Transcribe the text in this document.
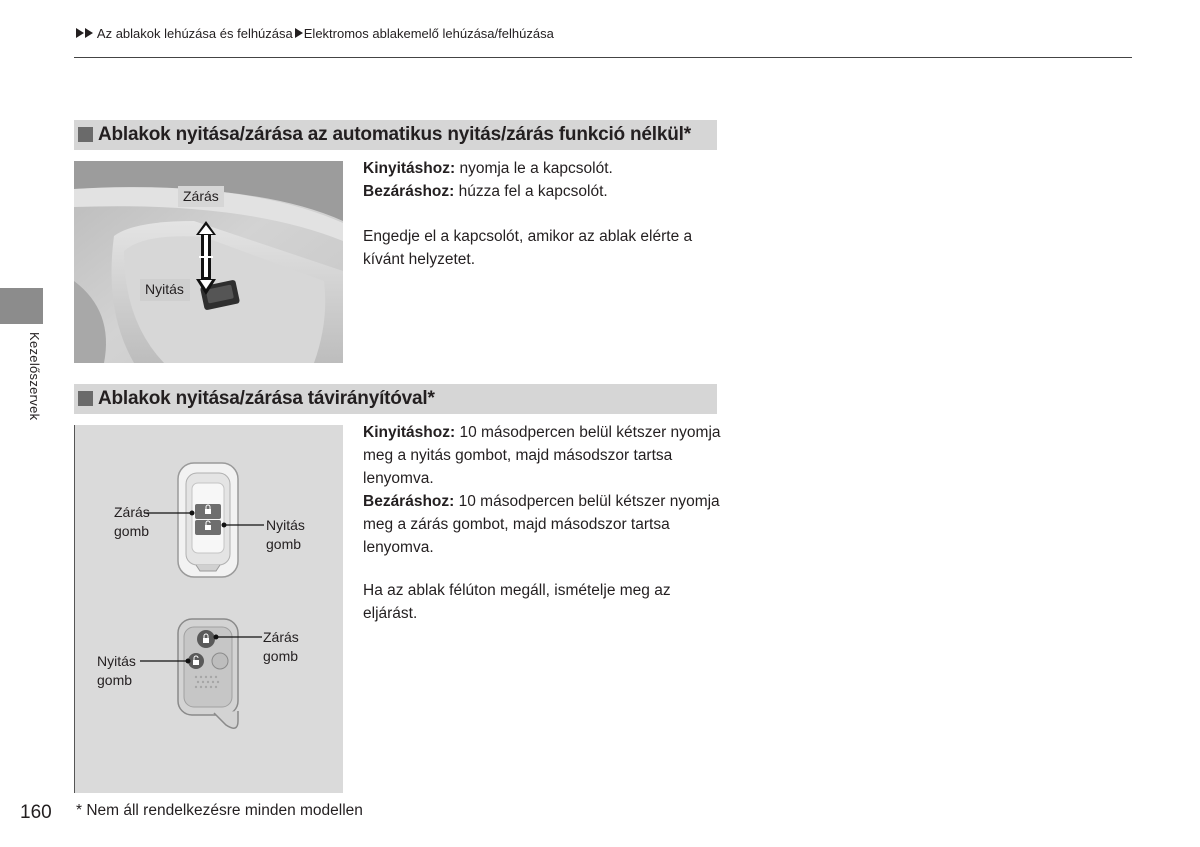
Az ablakok lehúzása és felhúzása Elektromos ablakemelő lehúzása/felhúzása
Kezelőszervek
Ablakok nyitása/zárása az automatikus nyitás/zárás funkció nélkül*
Zárás
Nyitás

Kinyitáshoz: nyomja le a kapcsolót.

Bezáráshoz: húzza fel a kapcsolót.

Engedje el a kapcsolót, amikor az ablak elérte a kívánt helyzetet.

Ablakok nyitása/zárása távirányítóval*
Zárás
gomb	Nyitás
gomb
Zárás
gomb
Nyitás
gomb

Kinyitáshoz: 10 másodpercen belül kétszer nyomja meg a nyitás gombot, majd másodszor tartsa lenyomva.

Bezáráshoz: 10 másodpercen belül kétszer nyomja meg a zárás gombot, majd másodszor tartsa lenyomva.

Ha az ablak félúton megáll, ismételje meg az eljárást.

160 * Nem áll rendelkezésre minden modellen
